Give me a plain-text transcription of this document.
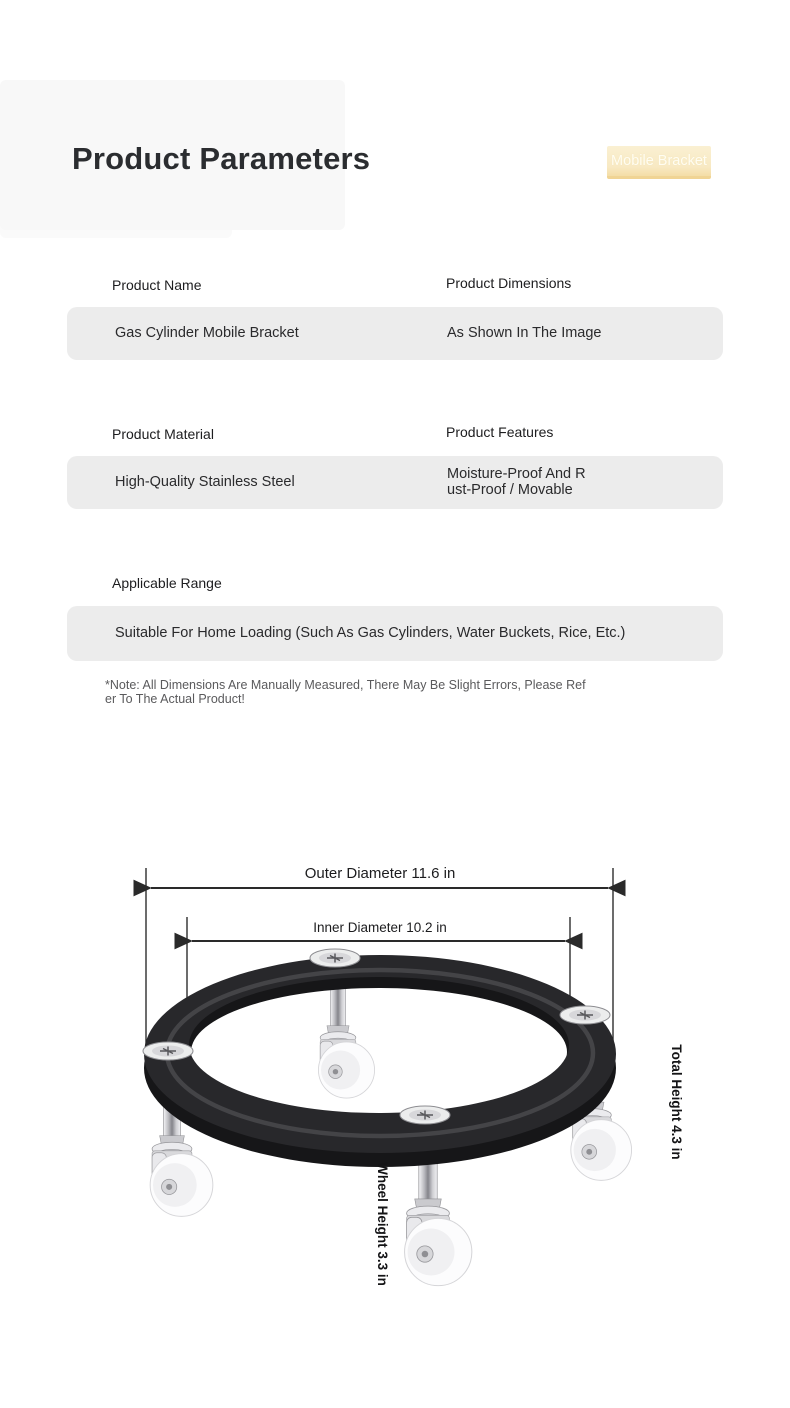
Product Parameters	Mobile Bracket
Product Name	Product Dimensions
Gas Cylinder Mobile Bracket	As Shown In The Image
Product Material	Product Features
High-Quality Stainless Steel	Moisture-Proof And Rust-Proof / Movable
Applicable Range
Suitable For Home Loading (Such As Gas Cylinders, Water Buckets, Rice, Etc.)
*Note: All Dimensions Are Manually Measured, There May Be Slight Errors, Please Refer To The Actual Product!
Outer Diameter 11.6 in
Inner Diameter 10.2 in
Total Height 4.3 in
Wheel Height 3.3 in
